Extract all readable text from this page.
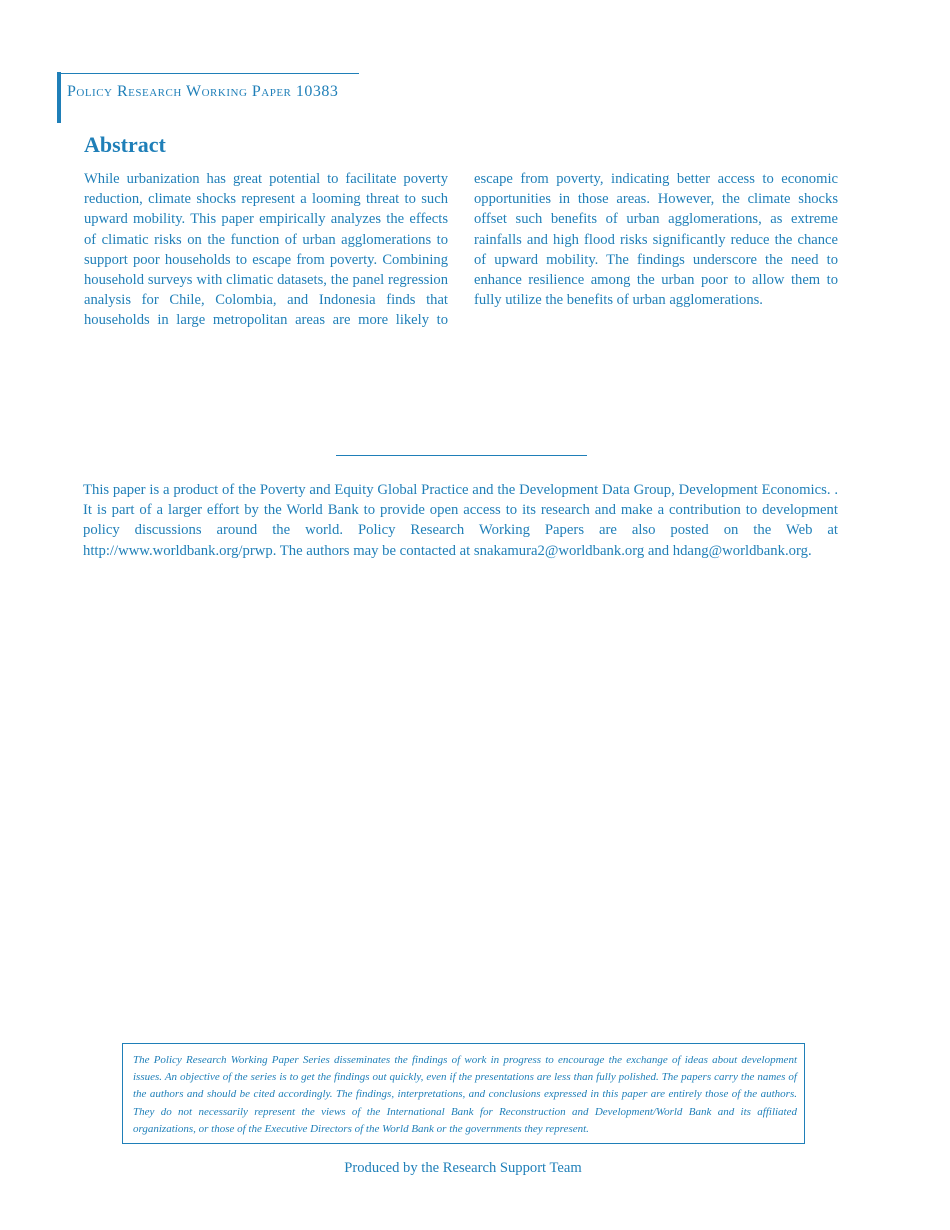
Policy Research Working Paper 10383
Abstract

While urbanization has great potential to facilitate poverty reduction, climate shocks represent a looming threat to such upward mobility. This paper empirically analyzes the effects of climatic risks on the function of urban agglomerations to support poor households to escape from poverty. Combining household surveys with climatic datasets, the panel regression analysis for Chile, Colombia, and Indonesia finds that households in large metropolitan areas are more likely to escape from poverty, indicating better access to economic opportunities in those areas. However, the climate shocks offset such benefits of urban agglomerations, as extreme rainfalls and high flood risks significantly reduce the chance of upward mobility. The findings underscore the need to enhance resilience among the urban poor to allow them to fully utilize the benefits of urban agglomerations.

This paper is a product of the Poverty and Equity Global Practice and the Development Data Group, Development Economics. . It is part of a larger effort by the World Bank to provide open access to its research and make a contribution to development policy discussions around the world. Policy Research Working Papers are also posted on the Web at http://www.worldbank.org/prwp. The authors may be contacted at snakamura2@worldbank.org and hdang@worldbank.org.

The Policy Research Working Paper Series disseminates the findings of work in progress to encourage the exchange of ideas about development issues. An objective of the series is to get the findings out quickly, even if the presentations are less than fully polished. The papers carry the names of the authors and should be cited accordingly. The findings, interpretations, and conclusions expressed in this paper are entirely those of the authors. They do not necessarily represent the views of the International Bank for Reconstruction and Development/World Bank and its affiliated organizations, or those of the Executive Directors of the World Bank or the governments they represent.

Produced by the Research Support Team
